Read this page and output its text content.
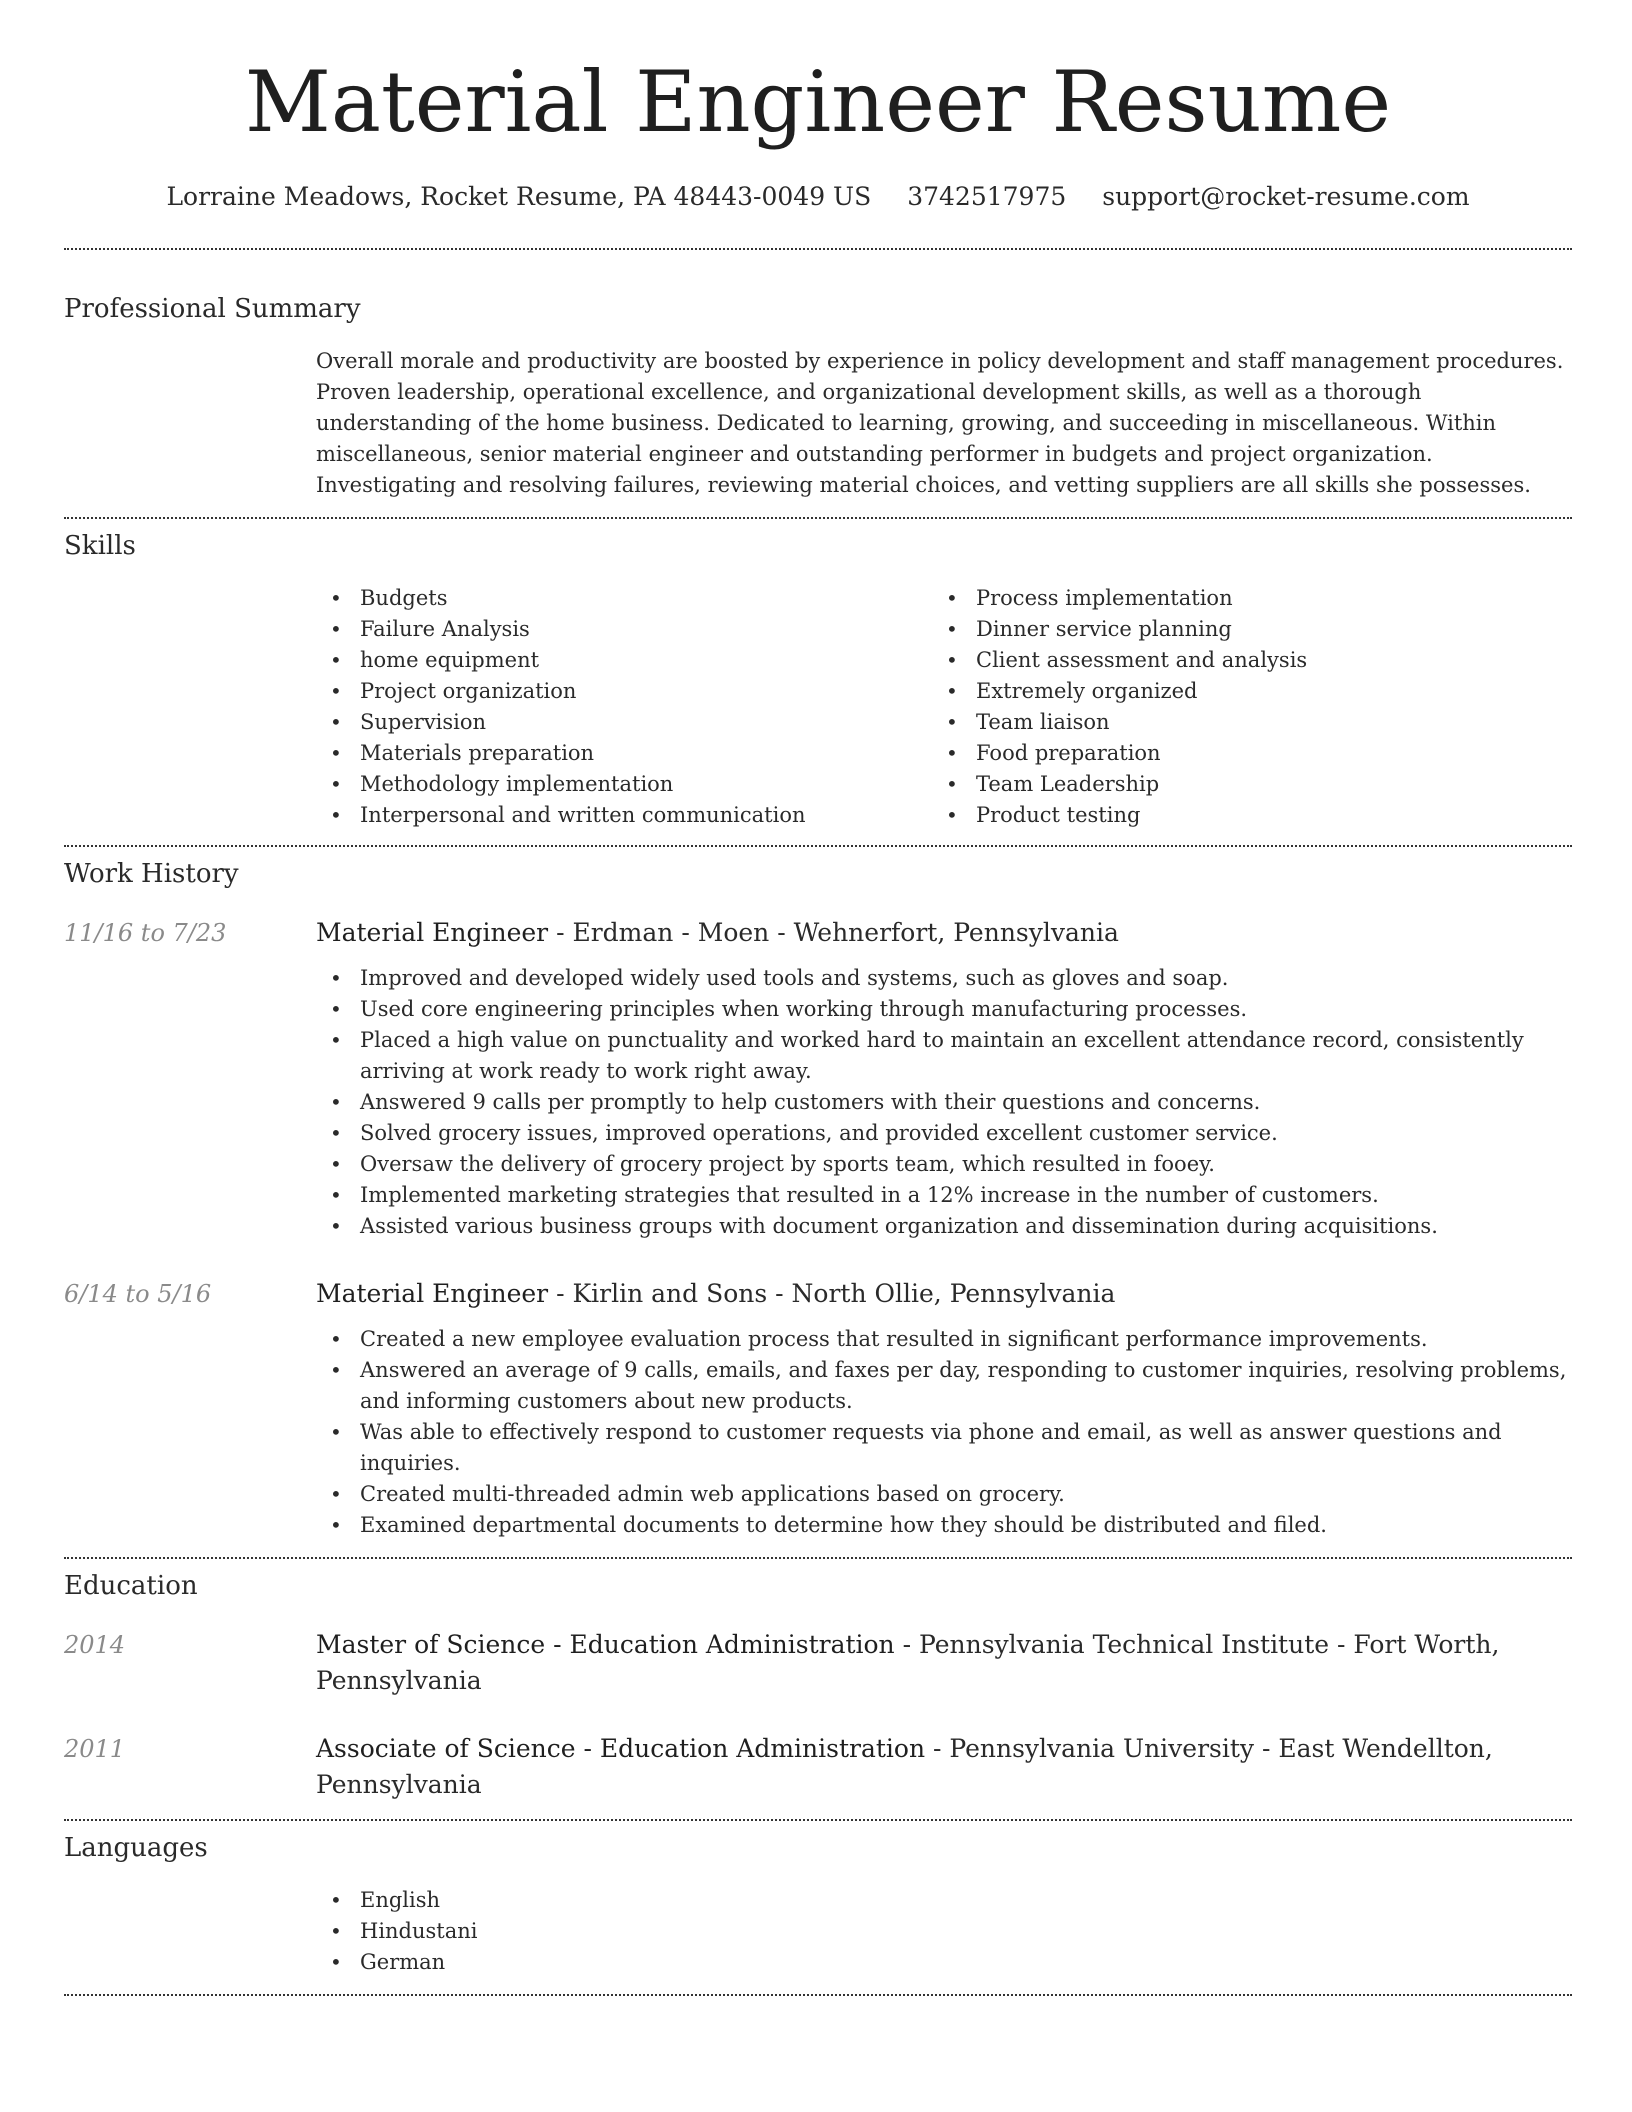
Material Engineer Resume
Lorraine Meadows, Rocket Resume, PA 48443-0049 US 3742517975 support@rocket-resume.com
Professional Summary

Overall morale and productivity are boosted by experience in policy development and staff management procedures. Proven leadership, operational excellence, and organizational development skills, as well as a thorough understanding of the home business. Dedicated to learning, growing, and succeeding in miscellaneous. Within miscellaneous, senior material engineer and outstanding performer in budgets and project organization. Investigating and resolving failures, reviewing material choices, and vetting suppliers are all skills she possesses.

Skills
• Budgets
• Failure Analysis
• home equipment
• Project organization
• Supervision
• Materials preparation
• Methodology implementation
• Interpersonal and written communication
• Process implementation
• Dinner service planning
• Client assessment and analysis
• Extremely organized
• Team liaison
• Food preparation
• Team Leadership
• Product testing
Work History
11/16 to 7/23	Material Engineer - Erdman - Moen - Wehnerfort, Pennsylvania
• Improved and developed widely used tools and systems, such as gloves and soap.
• Used core engineering principles when working through manufacturing processes.
• Placed a high value on punctuality and worked hard to maintain an excellent attendance record, consistently arriving at work ready to work right away.
• Answered 9 calls per promptly to help customers with their questions and concerns.
• Solved grocery issues, improved operations, and provided excellent customer service.
• Oversaw the delivery of grocery project by sports team, which resulted in fooey.
• Implemented marketing strategies that resulted in a 12% increase in the number of customers.
• Assisted various business groups with document organization and dissemination during acquisitions.
6/14 to 5/16	Material Engineer - Kirlin and Sons - North Ollie, Pennsylvania
• Created a new employee evaluation process that resulted in significant performance improvements.
• Answered an average of 9 calls, emails, and faxes per day, responding to customer inquiries, resolving problems, and informing customers about new products.
• Was able to effectively respond to customer requests via phone and email, as well as answer questions and inquiries.
• Created multi-threaded admin web applications based on grocery.
• Examined departmental documents to determine how they should be distributed and filed.
Education
2014	Master of Science - Education Administration - Pennsylvania Technical Institute - Fort Worth, Pennsylvania
2011	Associate of Science - Education Administration - Pennsylvania University - East Wendellton, Pennsylvania
Languages
• English
• Hindustani
• German
